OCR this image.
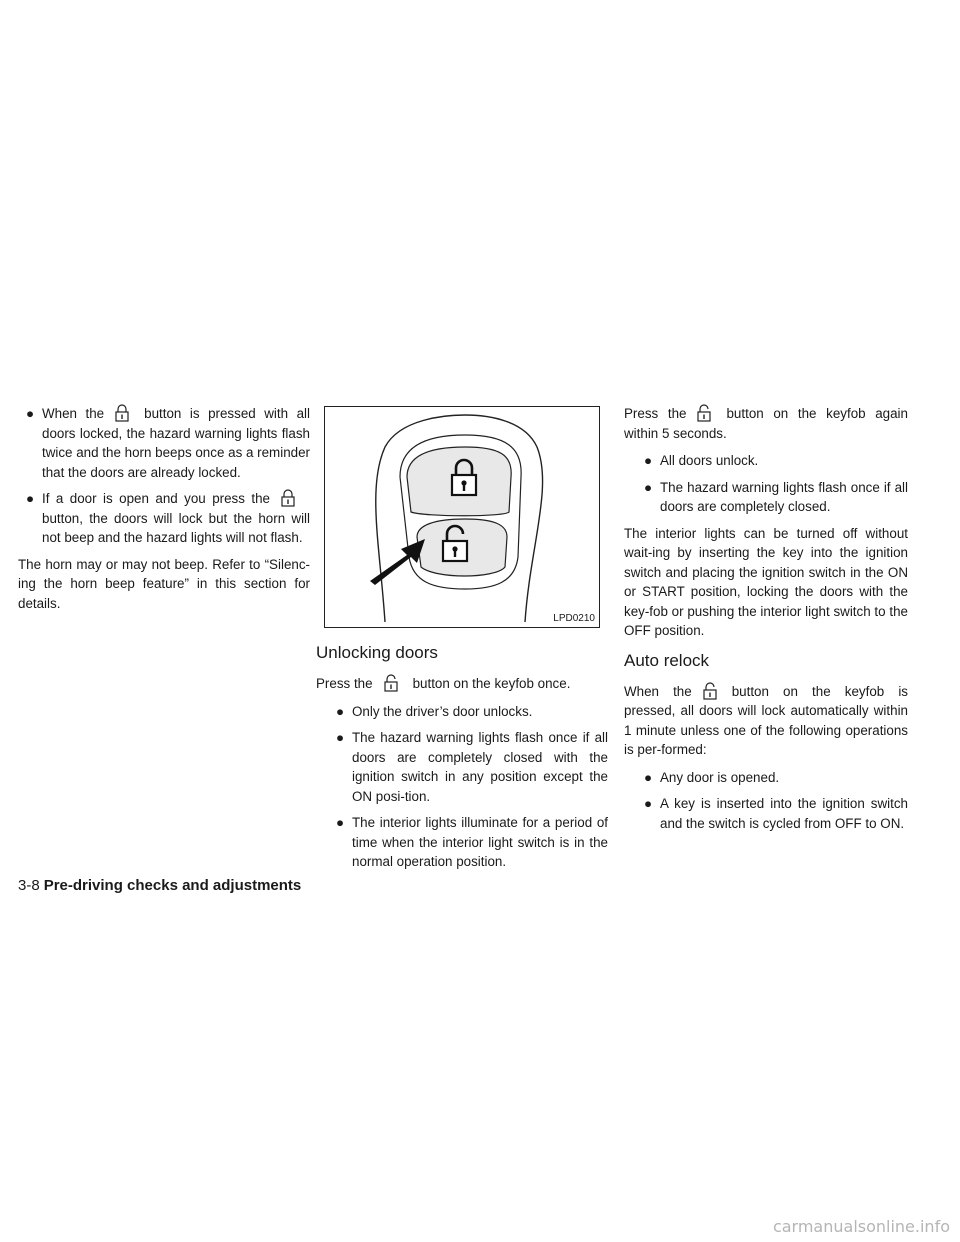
● When the	button is pressed with all doors locked, the hazard warning lights flash twice and the horn beeps once as a reminder that the doors are already locked.
● If a door is open and you press thebutton, the doors will lock but the horn will not beep and the hazard lights will not flash.

The horn may or may not beep. Refer to “Silenc-ing the horn beep feature” in this section for details.

LPD0210
Unlocking doors

Press the	button on the keyfob once.

● Only the driver’s door unlocks.
● The hazard warning lights flash once if all doors are completely closed with the ignition switch in any position except the ON posi-tion.
● The interior lights illuminate for a period of time when the interior light switch is in the normal operation position.

Press the	button on the keyfob again within 5 seconds.

● All doors unlock.
● The hazard warning lights flash once if all doors are completely closed.

The interior lights can be turned off without wait-ing by inserting the key into the ignition switch and placing the ignition switch in the ON or START position, locking the doors with the key-fob or pushing the interior light switch to the OFF position.

Auto relock

When the	button on the keyfob is pressed, all doors will lock automatically within 1 minute unless one of the following operations is per-formed:

● Any door is opened.
● A key is inserted into the ignition switch and the switch is cycled from OFF to ON.
3-8 Pre-driving checks and adjustments
carmanualsonline.info
